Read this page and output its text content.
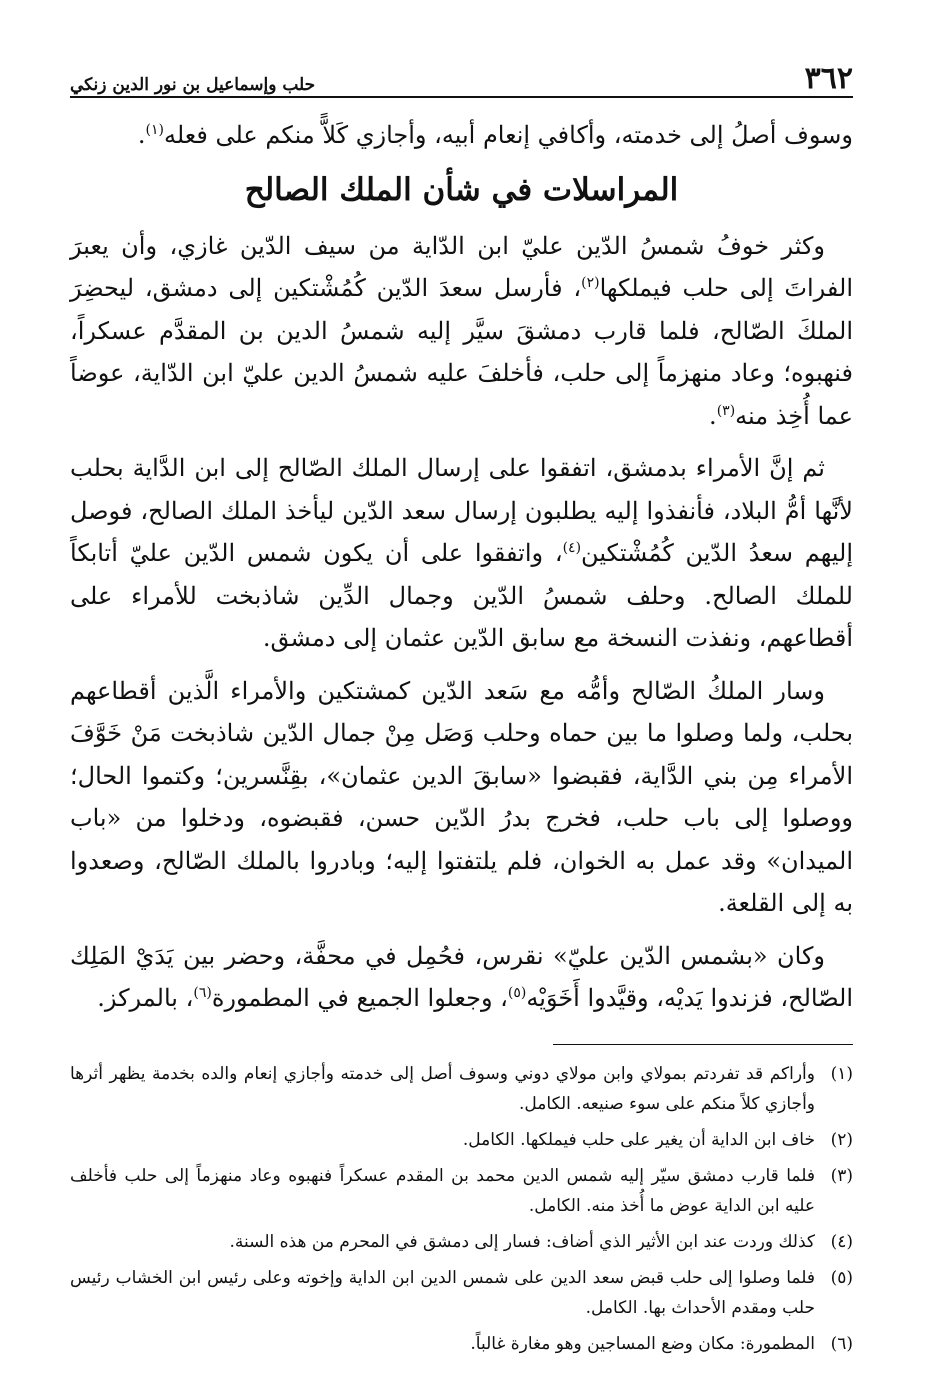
٣٦٢
حلب وإسماعيل بن نور الدين زنكي

وسوف أصلُ إلى خدمته، وأكافي إنعام أبيه، وأجازي كَلاًّ منكم على فعله$^{(١)}$.

المراسلات في شأن الملك الصالح

وكثر خوفُ شمسُ الدّين عليّ ابن الدّاية من سيف الدّين غازي، وأن يعبرَ الفراتَ إلى حلب فيملكها$^{(٢)}$، فأرسل سعدَ الدّين كُمُشْتكين إلى دمشق، ليحضِرَ الملكَ الصّالح، فلما قارب دمشقَ سيَّر إليه شمسُ الدين بن المقدَّم عسكراً، فنهبوه؛ وعاد منهزماً إلى حلب، فأخلفَ عليه شمسُ الدين عليّ ابن الدّاية، عوضاً عما أُخِذ منه$^{(٣)}$.

ثم إنَّ الأمراء بدمشق، اتفقوا على إرسال الملك الصّالح إلى ابن الدَّاية بحلب لأنَّها أمُّ البلاد، فأنفذوا إليه يطلبون إرسال سعد الدّين ليأخذ الملك الصالح، فوصل إليهم سعدُ الدّين كُمُشْتكين$^{(٤)}$، واتفقوا على أن يكون شمس الدّين عليّ أتابكاً للملك الصالح. وحلف شمسُ الدّين وجمال الدِّين شاذبخت للأمراء على أقطاعهم، ونفذت النسخة مع سابق الدّين عثمان إلى دمشق.

وسار الملكُ الصّالح وأمُّه مع سَعد الدّين كمشتكين والأمراء الَّذين أقطاعهم بحلب، ولما وصلوا ما بين حماه وحلب وَصَل مِنْ جمال الدّين شاذبخت مَنْ خَوَّفَ الأمراء مِن بني الدَّاية، فقبضوا «سابقَ الدين عثمان»، بقِنَّسرين؛ وكتموا الحال؛ ووصلوا إلى باب حلب، فخرج بدرُ الدّين حسن، فقبضوه، ودخلوا من «باب الميدان» وقد عمل به الخوان، فلم يلتفتوا إليه؛ وبادروا بالملك الصّالح، وصعدوا به إلى القلعة.

وكان «بشمس الدّين عليّ» نقرس، فحُمِل في محفَّة، وحضر بين يَدَيْ المَلِك الصّالح، فزندوا يَديْه، وقيَّدوا أَخَوَيْه$^{(٥)}$، وجعلوا الجميع في المطمورة$^{(٦)}$، بالمركز.

(١)
وأراكم قد تفردتم بمولاي وابن مولاي دوني وسوف أصل إلى خدمته وأجازي إنعام والده بخدمة يظهر أثرها وأجازي كلاً منكم على سوء صنيعه. الكامل.
(٢)
خاف ابن الداية أن يغير على حلب فيملكها. الكامل.
(٣)
فلما قارب دمشق سيّر إليه شمس الدين محمد بن المقدم عسكراً فنهبوه وعاد منهزماً إلى حلب فأخلف عليه ابن الداية عوض ما أُخذ منه. الكامل.
(٤)
كذلك وردت عند ابن الأثير الذي أضاف: فسار إلى دمشق في المحرم من هذه السنة.
(٥)
فلما وصلوا إلى حلب قبض سعد الدين على شمس الدين ابن الداية وإخوته وعلى رئيس ابن الخشاب رئيس حلب ومقدم الأحداث بها. الكامل.
(٦)
المطمورة: مكان وضع المساجين وهو مغارة غالباً.
